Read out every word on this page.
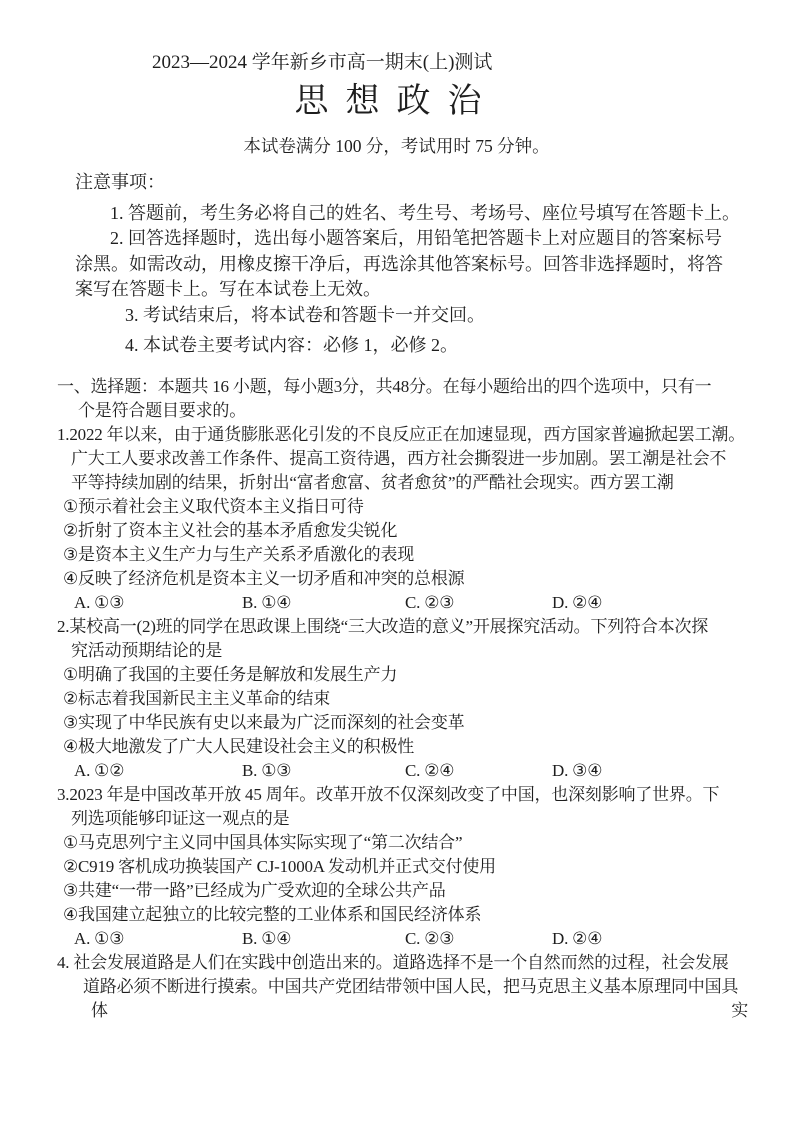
2023—2024 学年新乡市高一期末(上)测试
思想政治
本试卷满分 100 分，考试用时 75 分钟。
注意事项：
1. 答题前，考生务必将自己的姓名、考生号、考场号、座位号填写在答题卡上。
2. 回答选择题时，选出每小题答案后，用铅笔把答题卡上对应题目的答案标号
涂黑。如需改动，用橡皮擦干净后，再选涂其他答案标号。回答非选择题时，将答
案写在答题卡上。写在本试卷上无效。
3. 考试结束后，将本试卷和答题卡一并交回。
4. 本试卷主要考试内容：必修 1，必修 2。
一、选择题：本题共 16 小题，每小题3分，共48分。在每小题给出的四个选项中，只有一
个是符合题目要求的。
1.2022 年以来，由于通货膨胀恶化引发的不良反应正在加速显现，西方国家普遍掀起罢工潮。
广大工人要求改善工作条件、提高工资待遇，西方社会撕裂进一步加剧。罢工潮是社会不
平等持续加剧的结果，折射出“富者愈富、贫者愈贫”的严酷社会现实。西方罢工潮
①预示着社会主义取代资本主义指日可待
②折射了资本主义社会的基本矛盾愈发尖锐化
③是资本主义生产力与生产关系矛盾激化的表现
④反映了经济危机是资本主义一切矛盾和冲突的总根源
A. ①③	B. ①④	C. ②③	D. ②④
2.某校高一(2)班的同学在思政课上围绕“三大改造的意义”开展探究活动。下列符合本次探
究活动预期结论的是
①明确了我国的主要任务是解放和发展生产力
②标志着我国新民主主义革命的结束
③实现了中华民族有史以来最为广泛而深刻的社会变革
④极大地激发了广大人民建设社会主义的积极性
A. ①②	B. ①③	C. ②④	D. ③④
3.2023 年是中国改革开放 45 周年。改革开放不仅深刻改变了中国，也深刻影响了世界。下
列选项能够印证这一观点的是
①马克思列宁主义同中国具体实际实现了“第二次结合”
②C919 客机成功换装国产 CJ-1000A 发动机并正式交付使用
③共建“一带一路”已经成为广受欢迎的全球公共产品
④我国建立起独立的比较完整的工业体系和国民经济体系
A. ①③	B. ①④	C. ②③	D. ②④
4. 社会发展道路是人们在实践中创造出来的。道路选择不是一个自然而然的过程，社会发展
道路必须不断进行摸索。中国共产党团结带领中国人民，把马克思主义基本原理同中国具
体	实
